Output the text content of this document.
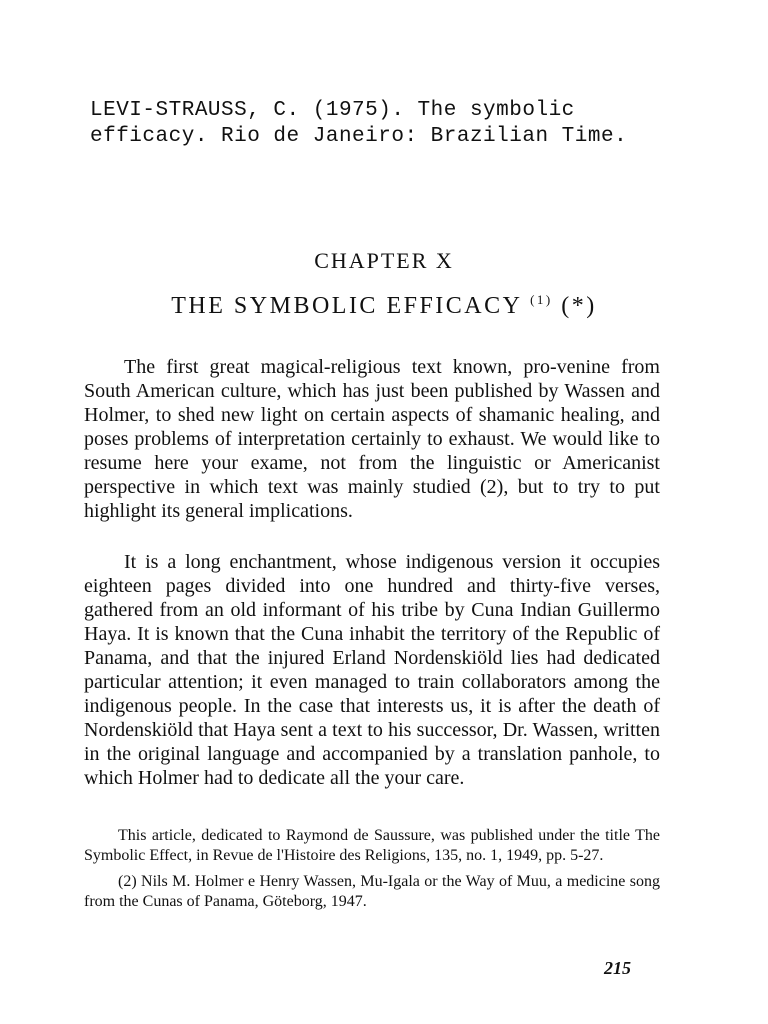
LEVI-STRAUSS, C. (1975). The symbolic efficacy. Rio de Janeiro: Brazilian Time.
CHAPTER X
THE SYMBOLIC EFFICACY $^{(1)}$ (*)

The first great magical-religious text known, pro-venine from South American culture, which has just been published by Wassen and Holmer, to shed new light on certain aspects of shamanic healing, and poses problems of interpretation certainly to exhaust. We would like to resume here your exame, not from the linguistic or Americanist perspective in which text was mainly studied (2), but to try to put highlight its general implications.

It is a long enchantment, whose indigenous version it occupies eighteen pages divided into one hundred and thirty-five verses, gathered from an old informant of his tribe by Cuna Indian Guillermo Haya. It is known that the Cuna inhabit the territory of the Republic of Panama, and that the injured Erland Nordenskiöld lies had dedicated particular attention; it even managed to train collaborators among the indigenous people. In the case that interests us, it is after the death of Nordenskiöld that Haya sent a text to his successor, Dr. Wassen, written in the original language and accompanied by a translation panhole, to which Holmer had to dedicate all the your care.

This article, dedicated to Raymond de Saussure, was published under the title The Symbolic Effect, in Revue de l'Histoire des Religions, 135, no. 1, 1949, pp. 5-27.

(2) Nils M. Holmer e Henry Wassen, Mu-Igala or the Way of Muu, a medicine song from the Cunas of Panama, Göteborg, 1947.

215
